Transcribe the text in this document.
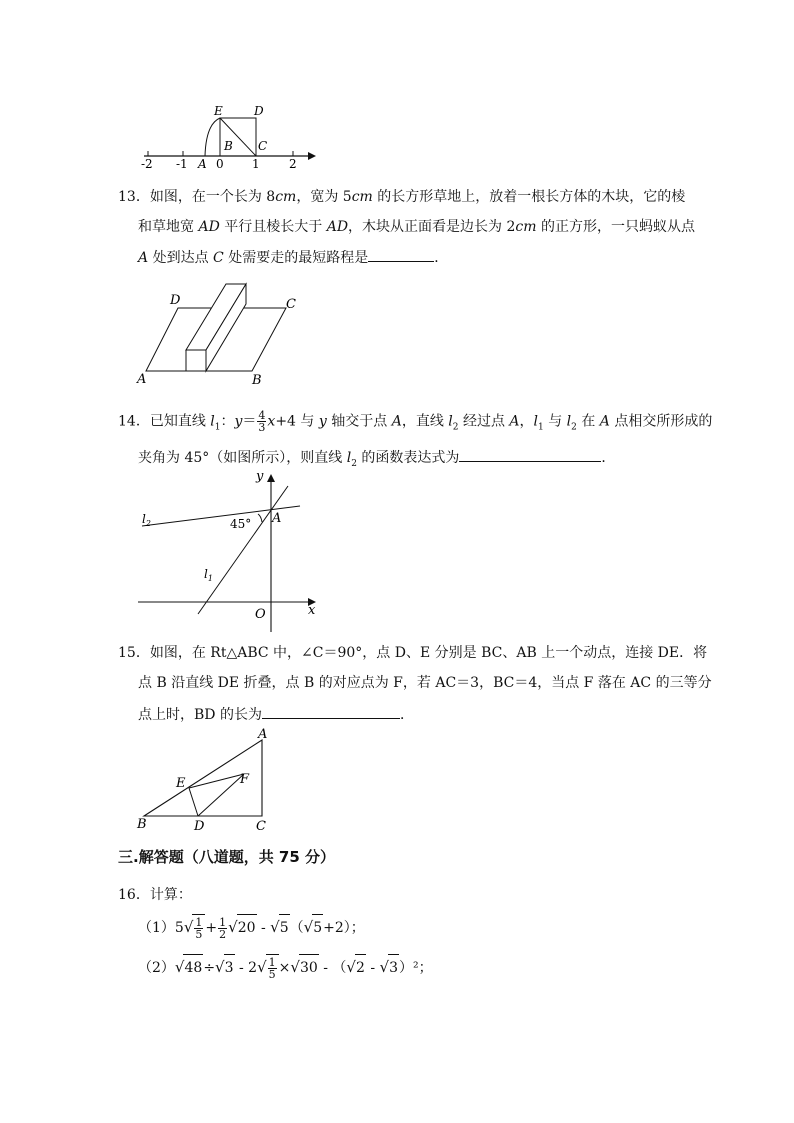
E	D
B C
A
-2 -1 0 1 2
13．如图，在一个长为 8cm，宽为 5cm 的长方形草地上，放着一根长方体的木块，它的棱
和草地宽 AD 平行且棱长大于 AD，木块从正面看是边长为 2cm 的正方形，一只蚂蚁从点
A 处到达点 C 处需要走的最短路程是	．
D	C
A	B
14．已知直线 $l_1$：$y= \frac{4}{3} x+4$ 与 y 轴交于点 A，直线 $l_2$ 经过点 A，$l_1$ 与 $l_2$ 在 A 点相交所形成的
夹角为 45°（如图所示），则直线 $l_2$ 的函数表达式为	．
y
x
O
A
45°
$l_2$
$l_1$
15．如图，在 Rt△ABC 中，∠C＝90°，点 D、E 分别是 BC、AB 上一个动点，连接 DE．将
点 B 沿直线 DE 折叠，点 B 的对应点为 F，若 AC＝3，BC＝4，当点 F 落在 AC 的三等分
点上时，BD 的长为	．
A
E	F
B	D	C
三.解答题（八道题，共 75 分）
16．计算：
$(1)5√ \frac{1}{5} + \frac{1}{2} √20 - √5(√5+2)$；
$(2)√48\div√3 - 2√ \frac{1}{5} \times√30 - (√2 - √3)^2$；
